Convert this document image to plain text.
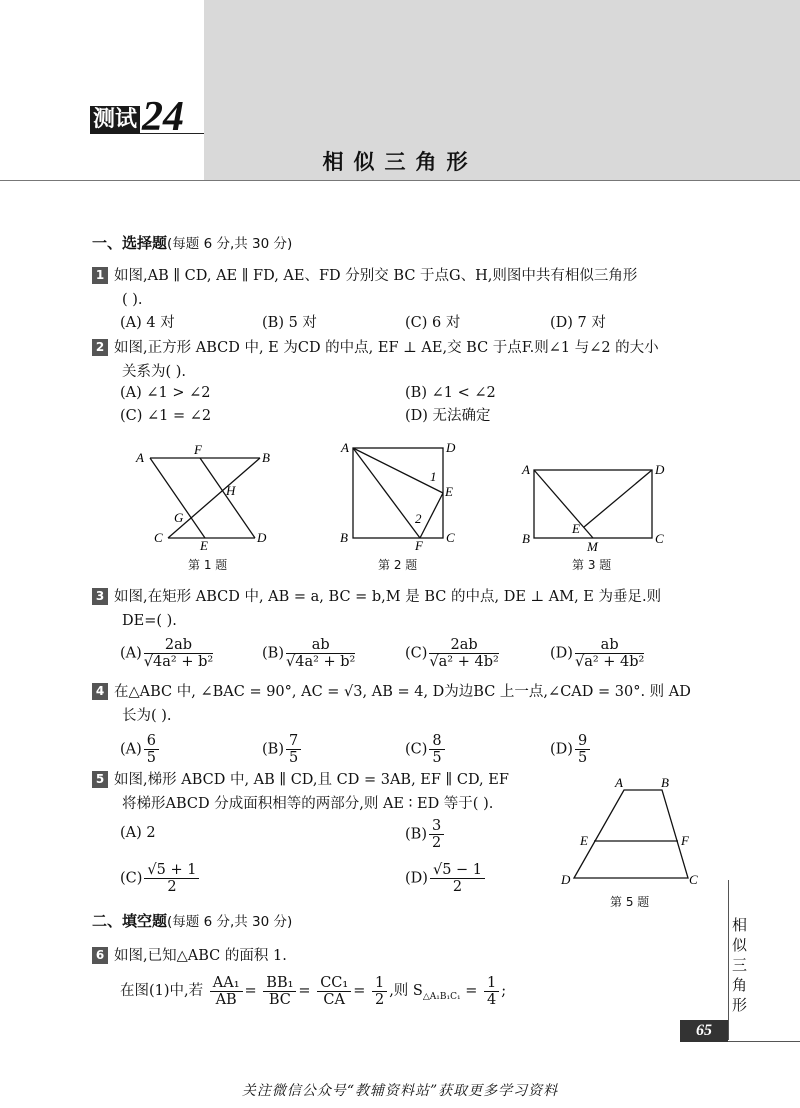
测试 24
相似三角形
一、选择题(每题 6 分,共 30 分)
1 如图,AB ∥ CD, AE ∥ FD, AE、FD 分别交 BC 于点G、H,则图中共有相似三角形
( ).
(A) 4 对	(B) 5 对	(C) 6 对	(D) 7 对
2 如图,正方形 ABCD 中, E 为CD 的中点, EF ⊥ AE,交 BC 于点F.则∠1 与∠2 的大小
关系为( ).
(A) ∠1 > ∠2	(B) ∠1 < ∠2
(C) ∠1 = ∠2	(D) 无法确定
A
F
B
H
G
C
E
D
第 1 题
A	D
1
E
2
B
F
C
第 2 题
A	D
E
B
M
C
第 3 题
3 如图,在矩形 ABCD 中, AB = a, BC = b,M 是 BC 的中点, DE ⊥ AM, E 为垂足.则
DE=( ).
$(A) \frac{2ab}{\text{√4a² + b²}}$	$(B) \frac{ab}{\text{√4a² + b²}}$	$(C) \frac{2ab}{\text{√a² + 4b²}}$	$(D) \frac{ab}{\text{√a² + 4b²}}$
4 在△ABC 中, ∠BAC = 90°, AC = √3, AB = 4, D为边BC 上一点,∠CAD = 30°. 则 AD
长为( ).
$(A) \frac{6}{5}$	$(B) \frac{7}{5}$	$(C) \frac{8}{5}$	$(D) \frac{9}{5}$
5 如图,梯形 ABCD 中, AB ∥ CD,且 CD = 3AB, EF ∥ CD, EF
将梯形ABCD 分成面积相等的两部分,则 AE ∶ ED 等于( ).
(A) 2	$(B) \frac{3}{2}$
$(C) \frac{√5 + 1}{2}$	$(D) \frac{√5 - 1}{2}$
A	B
E	F
D	C
第 5 题
二、填空题(每题 6 分,共 30 分)
6 如图,已知△ABC 的面积 1.
在图(1)中,若 $\frac{\text{AA₁}}{AB} = \frac{\text{BB₁}}{BC} = \frac{\text{CC₁}}{CA} = \frac{1}{2}$ ,则 $S_{\triangle A_1B_1C_1} = \frac{1}{4}$ ;
相似三角形
65
关注微信公众号“教辅资料站”获取更多学习资料
